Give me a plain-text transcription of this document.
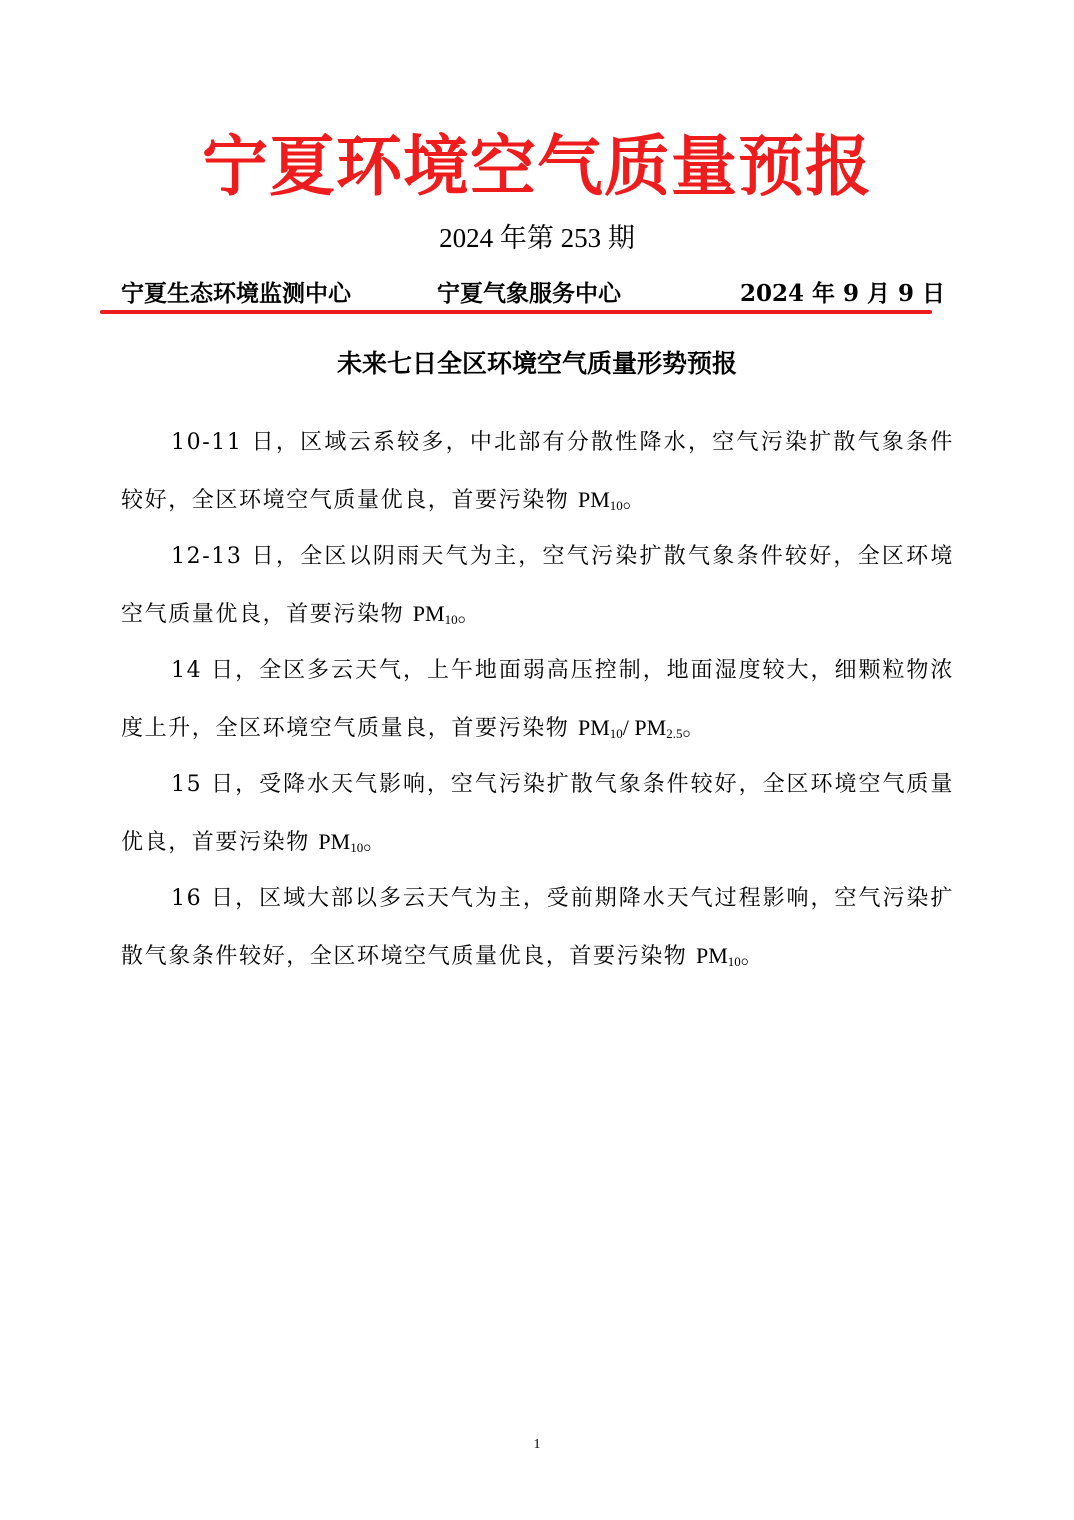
宁夏环境空气质量预报
2024 年第 253 期
宁夏生态环境监测中心	宁夏气象服务中心	2024 年 9 月 9 日
未来七日全区环境空气质量形势预报

10-11 日，区域云系较多，中北部有分散性降水，空气污染扩散气象条件较好，全区环境空气质量优良，首要污染物 $PM_{10}$。

12-13 日，全区以阴雨天气为主，空气污染扩散气象条件较好，全区环境空气质量优良，首要污染物 $PM_{10}$。

14 日，全区多云天气，上午地面弱高压控制，地面湿度较大，细颗粒物浓度上升，全区环境空气质量良，首要污染物 $PM_{10}/$ $PM_{2.5}$。

15 日，受降水天气影响，空气污染扩散气象条件较好，全区环境空气质量优良，首要污染物 $PM_{10}$。

16 日，区域大部以多云天气为主，受前期降水天气过程影响，空气污染扩散气象条件较好，全区环境空气质量优良，首要污染物 $PM_{10}$。

1
